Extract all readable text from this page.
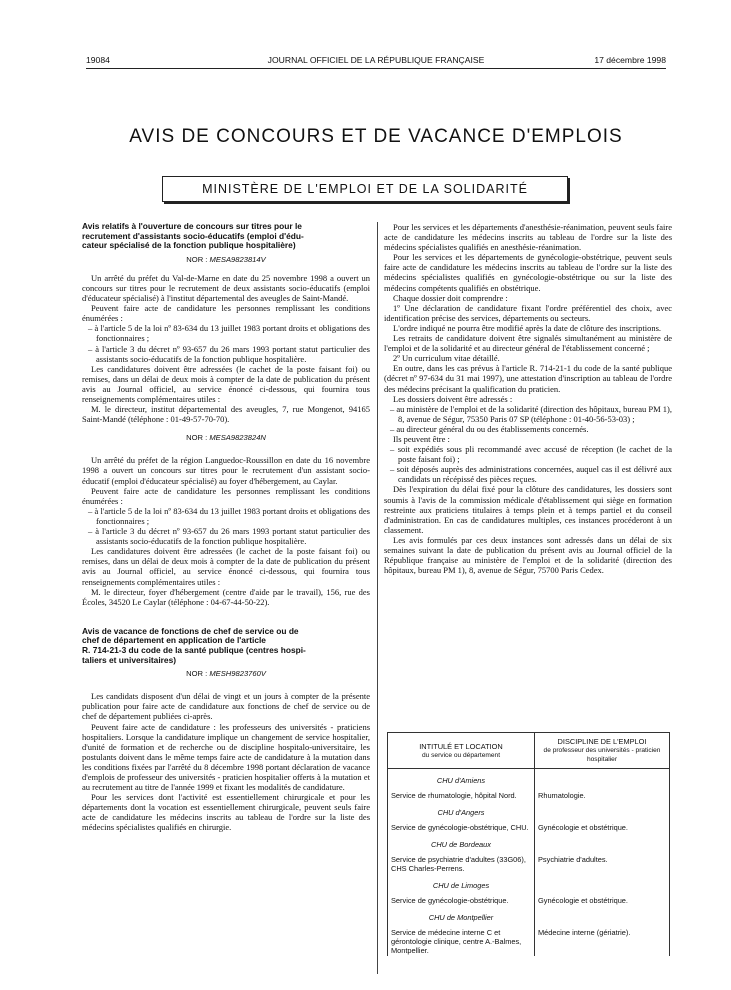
19084	JOURNAL OFFICIEL DE LA RÉPUBLIQUE FRANÇAISE	17 décembre 1998
AVIS DE CONCOURS ET DE VACANCE D'EMPLOIS
MINISTÈRE DE L'EMPLOI ET DE LA SOLIDARITÉ
Avis relatifs à l'ouverture de concours sur titres pour le
recrutement d'assistants socio-éducatifs (emploi d'édu-
cateur spécialisé de la fonction publique hospitalière)
NOR : MESA9823814V

Un arrêté du préfet du Val-de-Marne en date du 25 novembre 1998 a ouvert un concours sur titres pour le recrutement de deux assistants socio-éducatifs (emploi d'éducateur spécialisé) à l'institut départemental des aveugles de Saint-Mandé.

Peuvent faire acte de candidature les personnes remplissant les conditions énumérées :

– à l'article 5 de la loi nº 83-634 du 13 juillet 1983 portant droits et obligations des fonctionnaires ;

– à l'article 3 du décret nº 93-657 du 26 mars 1993 portant statut particulier des assistants socio-éducatifs de la fonction publique hospitalière.

Les candidatures doivent être adressées (le cachet de la poste faisant foi) ou remises, dans un délai de deux mois à compter de la date de publication du présent avis au Journal officiel, au service énoncé ci-dessous, qui fournira tous renseignements complémentaires utiles :

M. le directeur, institut départemental des aveugles, 7, rue Mongenot, 94165 Saint-Mandé (téléphone : 01-49-57-70-70).

NOR : MESA9823824N

Un arrêté du préfet de la région Languedoc-Roussillon en date du 16 novembre 1998 a ouvert un concours sur titres pour le recrutement d'un assistant socio-éducatif (emploi d'éducateur spécialisé) au foyer d'hébergement, au Caylar.

Peuvent faire acte de candidature les personnes remplissant les conditions énumérées :

– à l'article 5 de la loi nº 83-634 du 13 juillet 1983 portant droits et obligations des fonctionnaires ;

– à l'article 3 du décret nº 93-657 du 26 mars 1993 portant statut particulier des assistants socio-éducatifs de la fonction publique hospitalière.

Les candidatures doivent être adressées (le cachet de la poste faisant foi) ou remises, dans un délai de deux mois à compter de la date de publication du présent avis au Journal officiel, au service énoncé ci-dessous, qui fournira tous renseignements complémentaires utiles :

M. le directeur, foyer d'hébergement (centre d'aide par le travail), 156, rue des Écoles, 34520 Le Caylar (téléphone : 04-67-44-50-22).

Avis de vacance de fonctions de chef de service ou de
chef de département en application de l'article
R. 714-21-3 du code de la santé publique (centres hospi-
taliers et universitaires)
NOR : MESH9823760V

Les candidats disposent d'un délai de vingt et un jours à compter de la présente publication pour faire acte de candidature aux fonctions de chef de service ou de chef de département publiées ci-après.

Peuvent faire acte de candidature : les professeurs des universités - praticiens hospitaliers. Lorsque la candidature implique un changement de service hospitalier, d'unité de formation et de recherche ou de discipline hospitalo-universitaire, les postulants doivent dans le même temps faire acte de candidature à la mutation dans les conditions fixées par l'arrêté du 8 décembre 1998 portant déclaration de vacance d'emplois de professeur des universités - praticien hospitalier offerts à la mutation et au recrutement au titre de l'année 1999 et fixant les modalités de candidature.

Pour les services dont l'activité est essentiellement chirurgicale et pour les départements dont la vocation est essentiellement chirurgicale, peuvent seuls faire acte de candidature les médecins inscrits au tableau de l'ordre sur la liste des médecins spécialistes qualifiés en chirurgie.

Pour les services et les départements d'anesthésie-réanimation, peuvent seuls faire acte de candidature les médecins inscrits au tableau de l'ordre sur la liste des médecins spécialistes qualifiés en anesthésie-réanimation.

Pour les services et les départements de gynécologie-obstétrique, peuvent seuls faire acte de candidature les médecins inscrits au tableau de l'ordre sur la liste des médecins spécialistes qualifiés en gynécologie-obstétrique ou sur la liste des médecins compétents qualifiés en obstétrique.

Chaque dossier doit comprendre :

1º Une déclaration de candidature fixant l'ordre préférentiel des choix, avec identification précise des services, départements ou secteurs.

L'ordre indiqué ne pourra être modifié après la date de clôture des inscriptions.

Les retraits de candidature doivent être signalés simultanément au ministère de l'emploi et de la solidarité et au directeur général de l'établissement concerné ;

2º Un curriculum vitae détaillé.

En outre, dans les cas prévus à l'article R. 714-21-1 du code de la santé publique (décret nº 97-634 du 31 mai 1997), une attestation d'inscription au tableau de l'ordre des médecins précisant la qualification du praticien.

Les dossiers doivent être adressés :

– au ministère de l'emploi et de la solidarité (direction des hôpitaux, bureau PM 1), 8, avenue de Ségur, 75350 Paris 07 SP (téléphone : 01-40-56-53-03) ;

– au directeur général du ou des établissements concernés.

Ils peuvent être :

– soit expédiés sous pli recommandé avec accusé de réception (le cachet de la poste faisant foi) ;

– soit déposés auprès des administrations concernées, auquel cas il est délivré aux candidats un récépissé des pièces reçues.

Dès l'expiration du délai fixé pour la clôture des candidatures, les dossiers sont soumis à l'avis de la commission médicale d'établissement qui siège en formation restreinte aux praticiens titulaires à temps plein et à temps partiel et du conseil d'administration. En cas de candidatures multiples, ces instances procéderont à un classement.

Les avis formulés par ces deux instances sont adressés dans un délai de six semaines suivant la date de publication du présent avis au Journal officiel de la République française au ministère de l'emploi et de la solidarité (direction des hôpitaux, bureau PM 1), 8, avenue de Ségur, 75700 Paris Cedex.

INTITULÉ ET LOCATION
du service ou département	DISCIPLINE DE L'EMPLOI
de professeur des universités - praticien hospitalier

CHU d'Amiens	
Service de rhumatologie, hôpital Nord.	Rhumatologie.
CHU d'Angers	
Service de gynécologie-obstétrique, CHU.	Gynécologie et obstétrique.
CHU de Bordeaux	
Service de psychiatrie d'adultes (33G06), CHS Charles-Perrens.	Psychiatrie d'adultes.
CHU de Limoges	
Service de gynécologie-obstétrique.	Gynécologie et obstétrique.
CHU de Montpellier	
Service de médecine interne C et gérontologie clinique, centre A.-Balmes, Montpellier.	Médecine interne (gériatrie).
